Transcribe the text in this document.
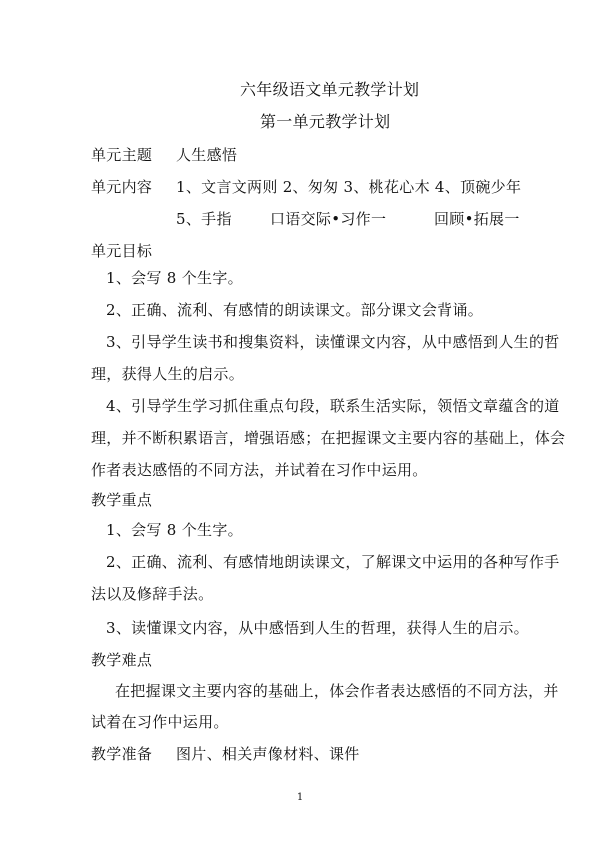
六年级语文单元教学计划
第一单元教学计划
单元主题 人生感悟
单元内容 1、文言文两则 2、匆匆 3、桃花心木 4、顶碗少年
5、手指	口语交际•习作一	回顾•拓展一
单元目标
1、会写 8 个生字。
2、正确、流利、有感情的朗读课文。部分课文会背诵。
3、引导学生读书和搜集资料，读懂课文内容，从中感悟到人生的哲
理，获得人生的启示。
4、引导学生学习抓住重点句段，联系生活实际，领悟文章蕴含的道
理，并不断积累语言，增强语感；在把握课文主要内容的基础上，体会
作者表达感悟的不同方法，并试着在习作中运用。
教学重点
1、会写 8 个生字。
2、正确、流利、有感情地朗读课文，了解课文中运用的各种写作手
法以及修辞手法。
3、读懂课文内容，从中感悟到人生的哲理，获得人生的启示。
教学难点
在把握课文主要内容的基础上，体会作者表达感悟的不同方法，并
试着在习作中运用。
教学准备 图片、相关声像材料、课件
1
